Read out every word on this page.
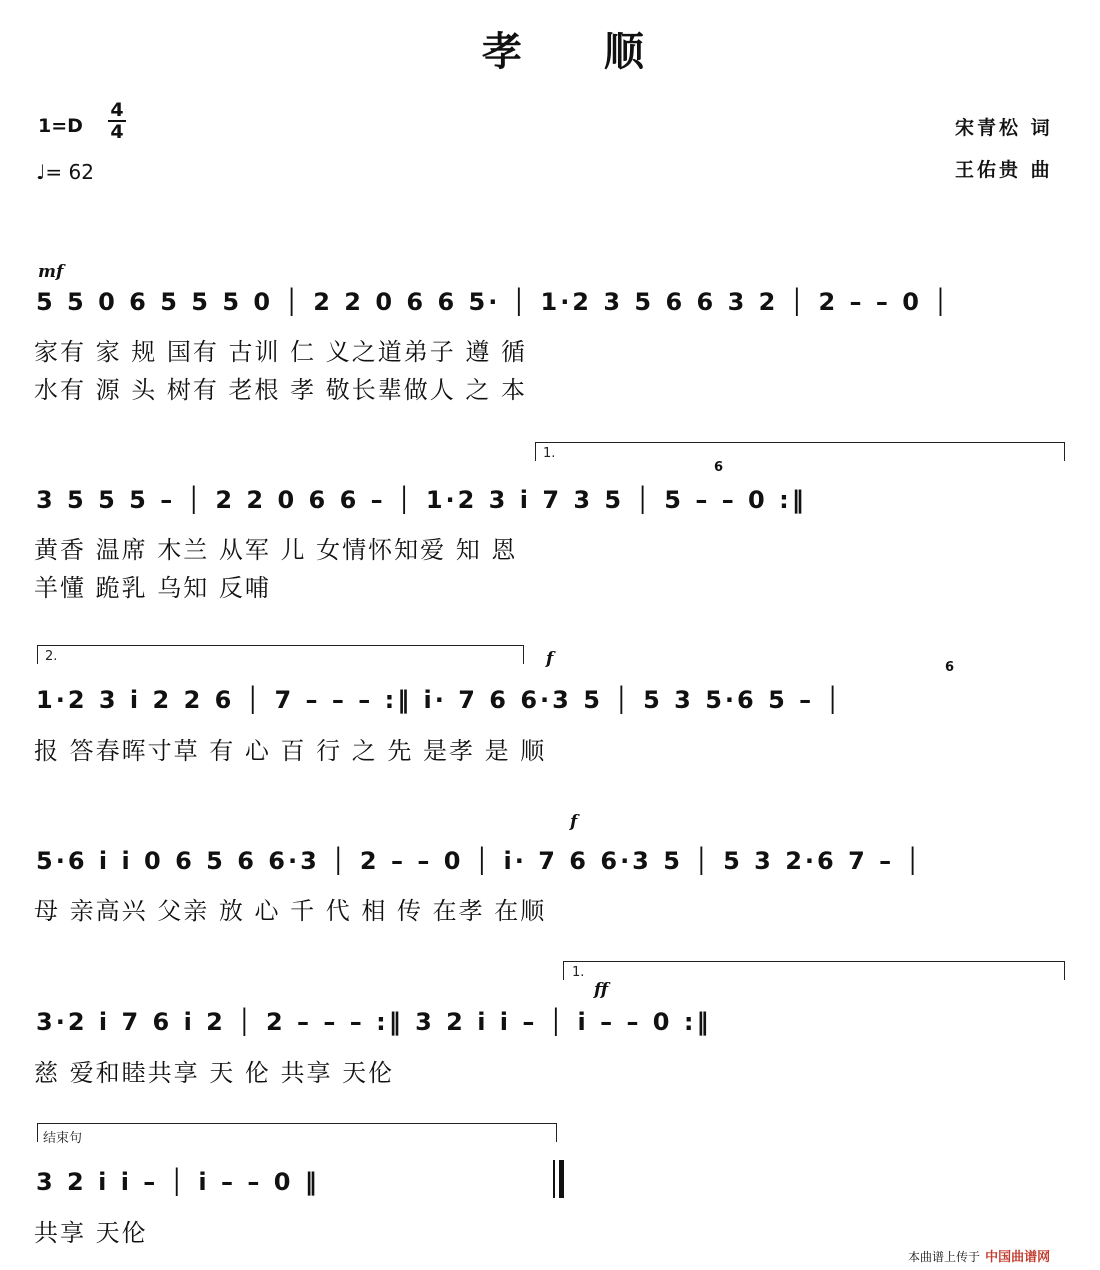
孝 顺
1=D
4
4
♩= 62
宋青松 词
王佑贵 曲
mf
f
f
ff
1.
2.
1.
结束句
6
6
5 5 0 6 5 5 5 0 │ 2 2 0 6 6 5· │ 1·2 3 5 6 6 3 2 │ 2 – – 0 │
家有 家 规 国有 古训 仁 义之道弟子 遵 循
水有 源 头 树有 老根 孝 敬长辈做人 之 本
3 5 5 5 – │ 2 2 0 6 6 – │ 1·2 3 i 7 3 5 │ 5 – – 0 :‖
黄香 温席 木兰 从军 儿 女情怀知爱 知 恩
羊懂 跪乳 乌知 反哺
1·2 3 i 2 2 6 │ 7 – – – :‖ i· 7 6 6·3 5 │ 5 3 5·6 5 – │
报 答春晖寸草 有 心 百 行 之 先 是孝 是 顺
5·6 i i 0 6 5 6 6·3 │ 2 – – 0 │ i· 7 6 6·3 5 │ 5 3 2·6 7 – │
母 亲高兴 父亲 放 心 千 代 相 传 在孝 在顺
3·2 i 7 6 i 2 │ 2 – – – :‖ 3 2 i i – │ i – – 0 :‖
慈 爱和睦共享 天 伦 共享 天伦
3 2 i i – │ i – – 0 ‖
共享 天伦
本曲谱上传于 中国曲谱网
